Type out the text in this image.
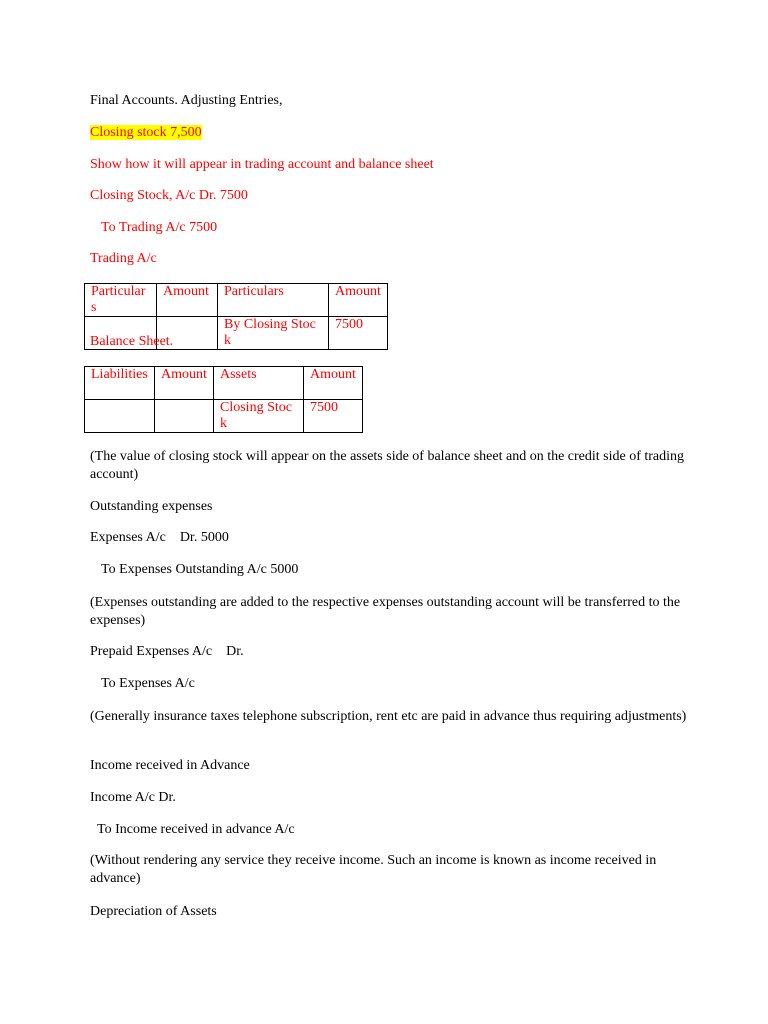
Final Accounts. Adjusting Entries,
Closing stock 7,500
Show how it will appear in trading account and balance sheet
Closing Stock, A/c Dr. 7500
To Trading A/c 7500
Trading A/c
Particulars	Amount	Particulars	Amount
		By Closing Stock	7500
Balance Sheet.
Liabilities	Amount	Assets	Amount
		Closing Stock	7500
(The value of closing stock will appear on the assets side of balance sheet and on the credit side of trading account)
Outstanding expenses
Expenses A/c    Dr. 5000
To Expenses Outstanding A/c 5000
(Expenses outstanding are added to the respective expenses outstanding account will be transferred to the expenses)
Prepaid Expenses A/c    Dr.
To Expenses A/c
(Generally insurance taxes telephone subscription, rent etc are paid in advance thus requiring adjustments)
Income received in Advance
Income A/c Dr.
To Income received in advance A/c
(Without rendering any service they receive income. Such an income is known as income received in advance)
Depreciation of Assets
